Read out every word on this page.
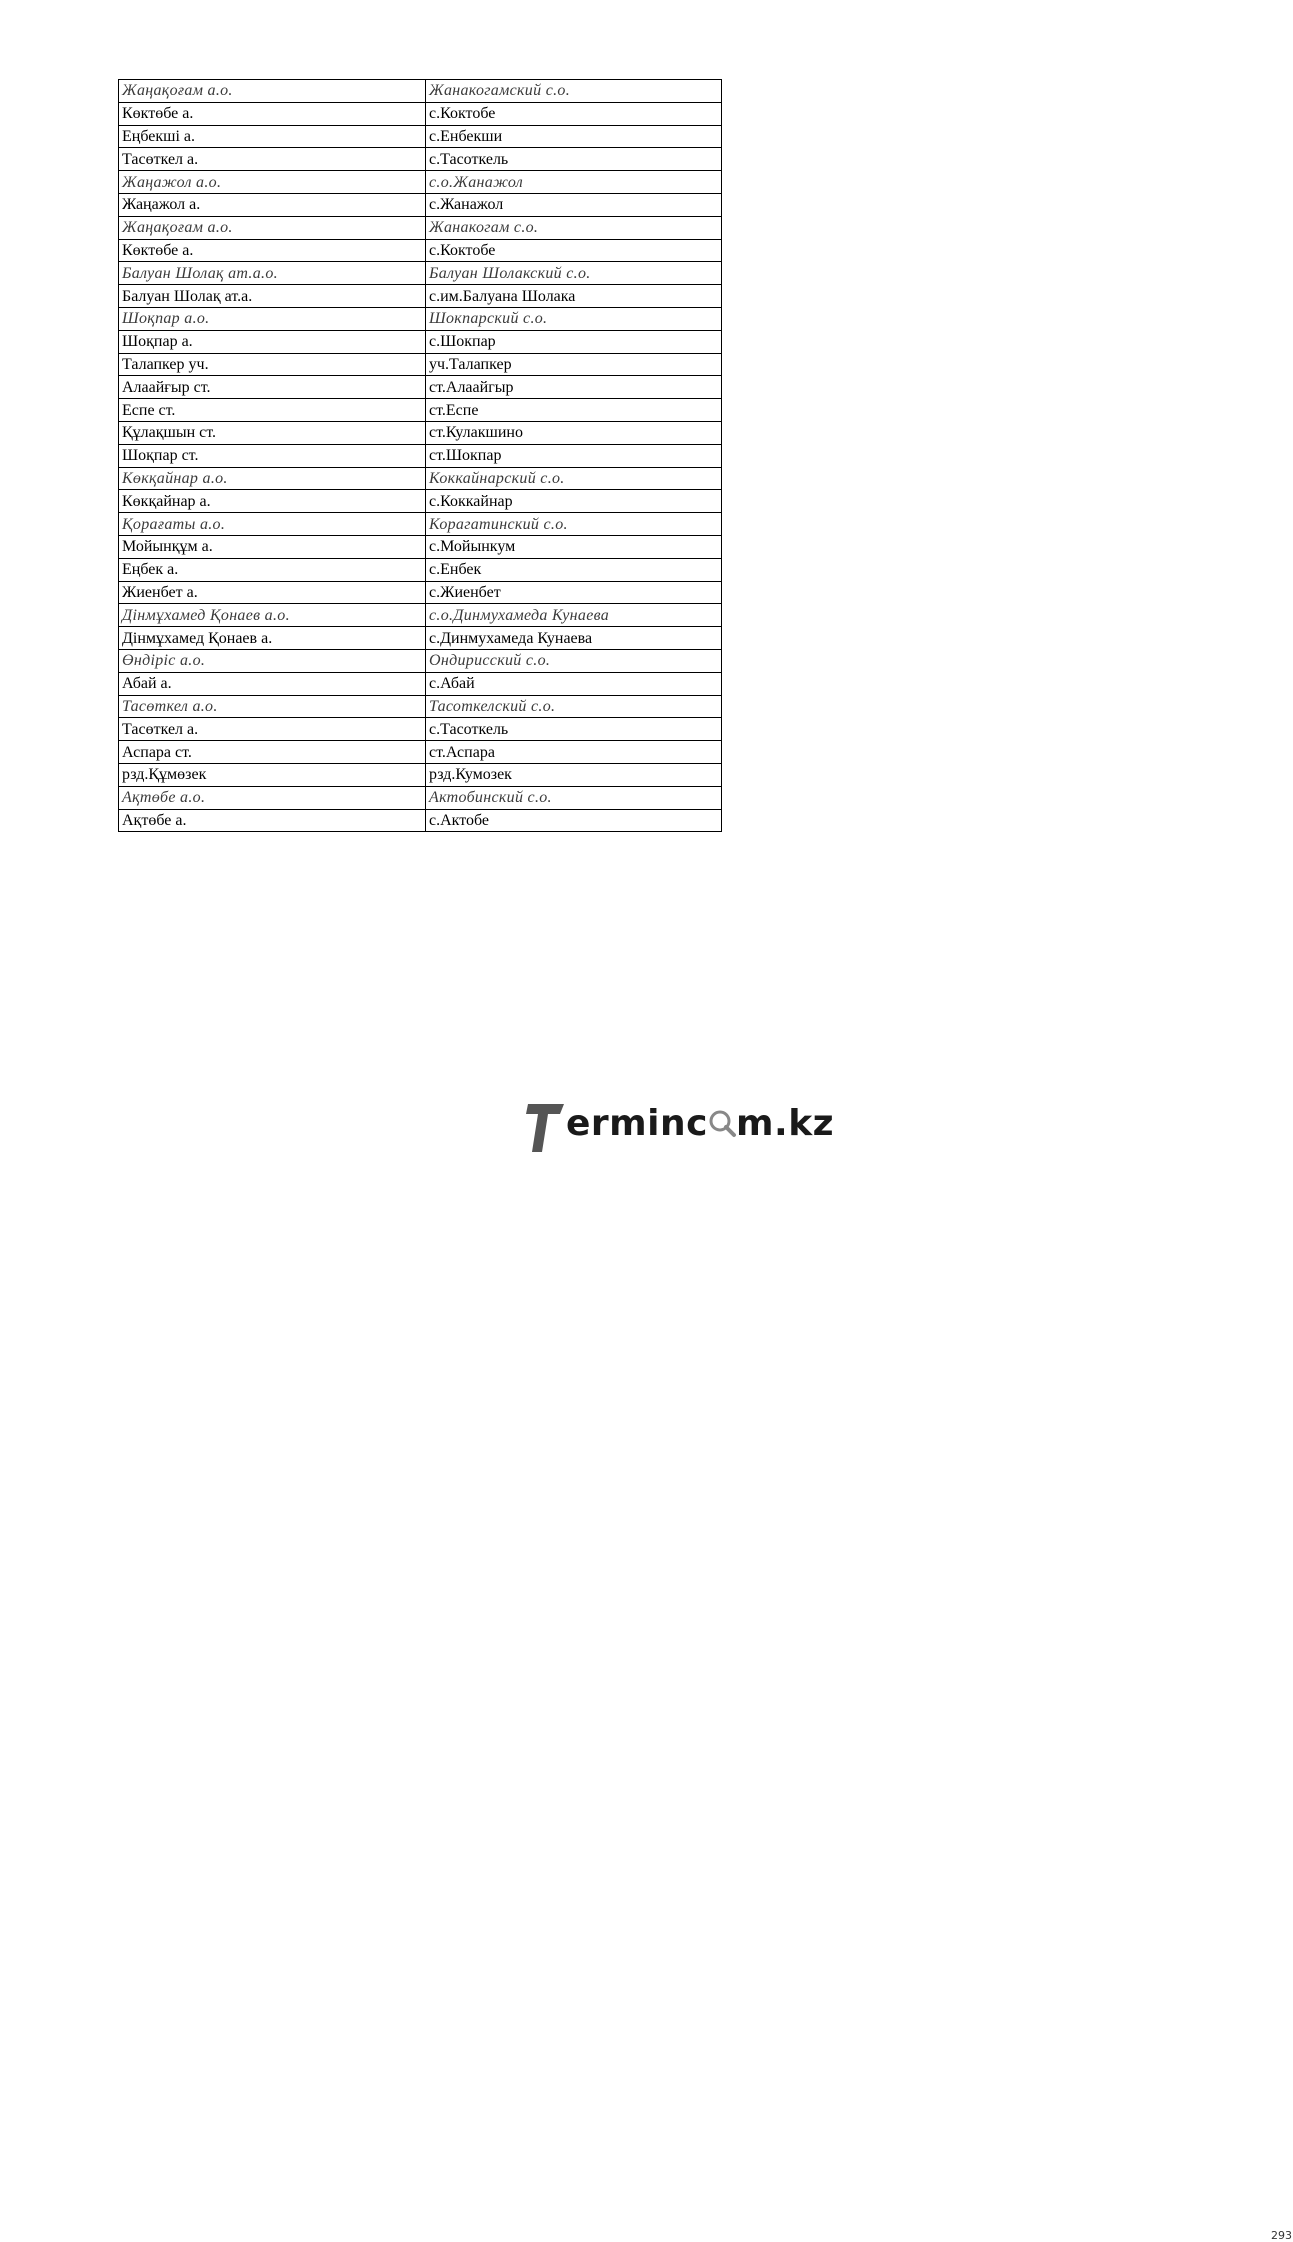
Жаңақоғам а.о.	Жанакогамский с.о.
Көктөбе а.	с.Коктобе
Еңбекші а.	с.Енбекши
Тасөткел а.	с.Тасоткель
Жаңажол а.о.	с.о.Жанажол
Жаңажол а.	с.Жанажол
Жаңақоғам а.о.	Жанакогам с.о.
Көктөбе а.	с.Коктобе
Балуан Шолақ ат.а.о.	Балуан Шолакский с.о.
Балуан Шолақ ат.а.	с.им.Балуана Шолака
Шоқпар а.о.	Шокпарский с.о.
Шоқпар а.	с.Шокпар
Талапкер уч.	уч.Талапкер
Алаайғыр ст.	ст.Алаайгыр
Еспе ст.	ст.Еспе
Құлақшын ст.	ст.Кулакшино
Шоқпар ст.	ст.Шокпар
Көкқайнар а.о.	Коккайнарский с.о.
Көкқайнар а.	с.Коккайнар
Қорағаты а.о.	Корагатинский с.о.
Мойынқұм а.	с.Мойынкум
Еңбек а.	с.Енбек
Жиенбет а.	с.Жиенбет
Дінмұхамед Қонаев а.о.	с.о.Динмухамеда Кунаева
Дінмұхамед Қонаев а.	с.Динмухамеда Кунаева
Өндіріс а.о.	Ондирисский с.о.
Абай а.	с.Абай
Тасөткел а.о.	Тасоткелский с.о.
Тасөткел а.	с.Тасоткель
Аспара ст.	ст.Аспара
рзд.Құмөзек	рзд.Кумозек
Ақтөбе а.о.	Актобинский с.о.
Ақтөбе а.	с.Актобе
erminc m.kz
293
